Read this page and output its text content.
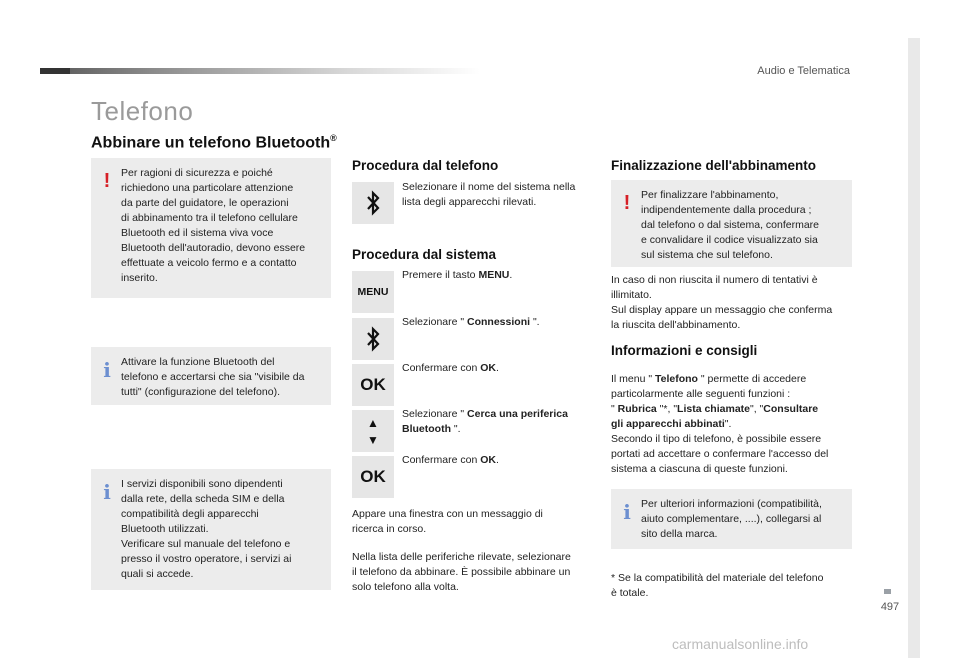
Audio e Telematica
497
Telefono
Abbinare un telefono Bluetooth®
!	Per ragioni di sicurezza e poiché
richiedono una particolare attenzione
da parte del guidatore, le operazioni
di abbinamento tra il telefono cellulare
Bluetooth ed il sistema viva voce
Bluetooth dell'autoradio, devono essere
effettuate a veicolo fermo e a contatto
inserito.
i Attivare la funzione Bluetooth del
telefono e accertarsi che sia "visibile da
tutti" (configurazione del telefono).
i I servizi disponibili sono dipendenti
dalla rete, della scheda SIM e della
compatibilità degli apparecchi
Bluetooth utilizzati.
Verificare sul manuale del telefono e
presso il vostro operatore, i servizi ai
quali si accede.
Procedura dal telefono
Selezionare il nome del sistema nella
lista degli apparecchi rilevati.
Procedura dal sistema
MENU
Premere il tasto MENU.
Selezionare " Connessioni ".
OK
Confermare con OK.
▲
▼
Selezionare " Cerca una periferica
Bluetooth ".
OK
Confermare con OK.
Appare una finestra con un messaggio di
ricerca in corso.
Nella lista delle periferiche rilevate, selezionare
il telefono da abbinare. È possibile abbinare un
solo telefono alla volta.
Finalizzazione dell'abbinamento
!	Per finalizzare l'abbinamento,
indipendentemente dalla procedura ;
dal telefono o dal sistema, confermare
e convalidare il codice visualizzato sia
sul sistema che sul telefono.
In caso di non riuscita il numero di tentativi è
illimitato.
Sul display appare un messaggio che conferma
la riuscita dell'abbinamento.
Informazioni e consigli
Il menu " Telefono " permette di accedere
particolarmente alle seguenti funzioni :
" Rubrica "*, "Lista chiamate", "Consultare
gli apparecchi abbinati".
Secondo il tipo di telefono, è possibile essere
portati ad accettare o confermare l'accesso del
sistema a ciascuna di queste funzioni.
i Per ulteriori informazioni (compatibilità,
aiuto complementare, ....), collegarsi al
sito della marca.
* Se la compatibilità del materiale del telefono
è totale.
carmanualsonline.info
